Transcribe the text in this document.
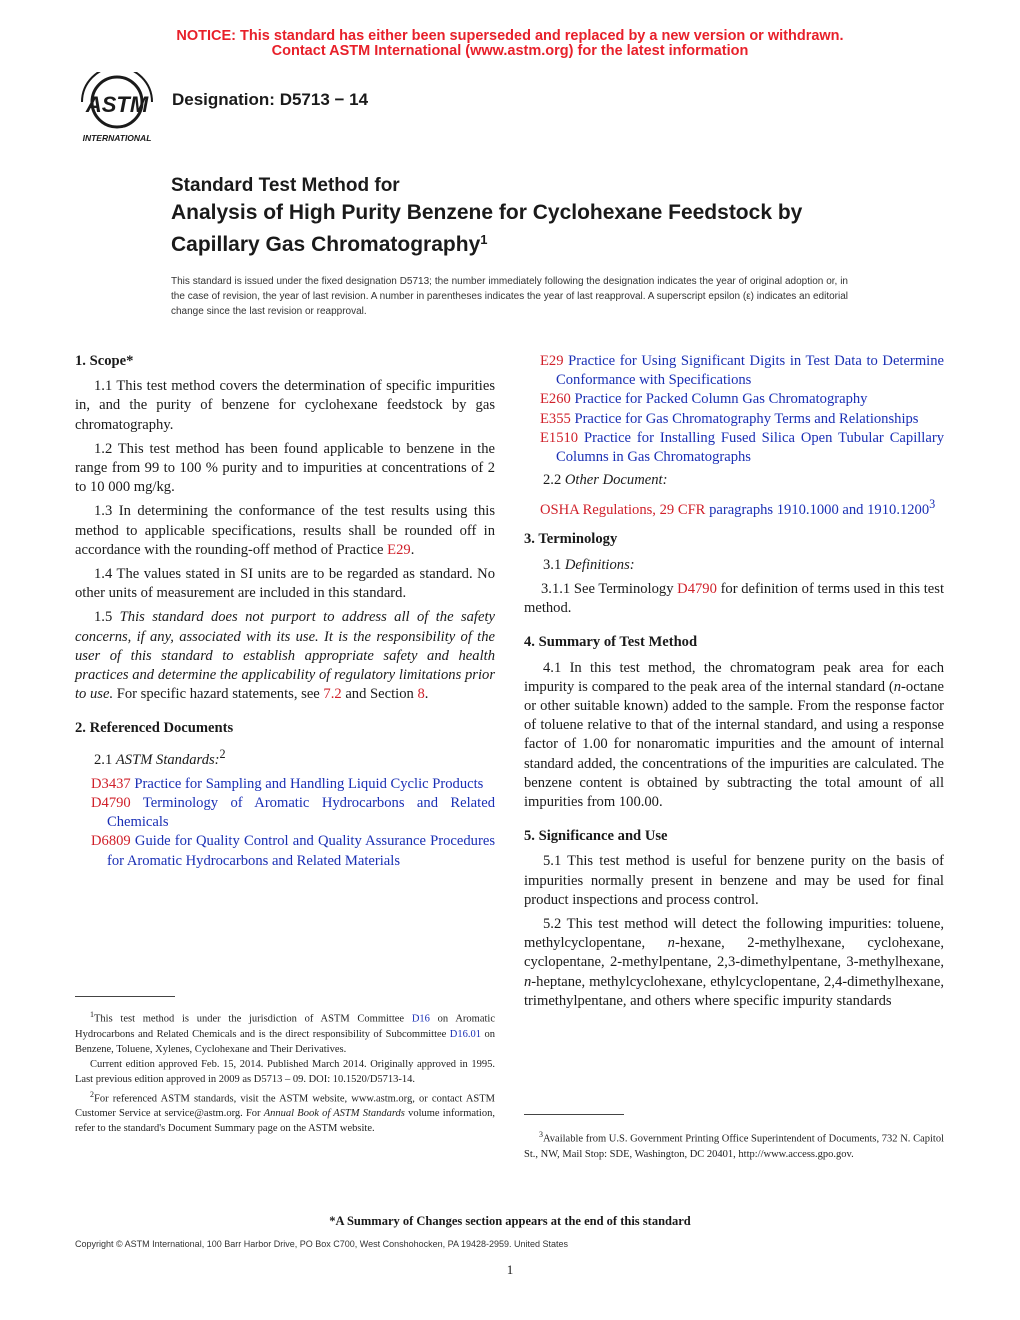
NOTICE: This standard has either been superseded and replaced by a new version or withdrawn.
Contact ASTM International (www.astm.org) for the latest information
ASTM
INTERNATIONAL
Designation: D5713 − 14
Standard Test Method for
Analysis of High Purity Benzene for Cyclohexane Feedstock by Capillary Gas Chromatography$^1$
This standard is issued under the fixed designation D5713; the number immediately following the designation indicates the year of original adoption or, in the case of revision, the year of last revision. A number in parentheses indicates the year of last reapproval. A superscript epsilon (ε) indicates an editorial change since the last revision or reapproval.
1. Scope*

1.1 This test method covers the determination of specific impurities in, and the purity of benzene for cyclohexane feedstock by gas chromatography.

1.2 This test method has been found applicable to benzene in the range from 99 to 100 % purity and to impurities at concentrations of 2 to 10 000 mg/kg.

1.3 In determining the conformance of the test results using this method to applicable specifications, results shall be rounded off in accordance with the rounding-off method of Practice E29.

1.4 The values stated in SI units are to be regarded as standard. No other units of measurement are included in this standard.

1.5 This standard does not purport to address all of the safety concerns, if any, associated with its use. It is the responsibility of the user of this standard to establish appropriate safety and health practices and determine the applicability of regulatory limitations prior to use. For specific hazard statements, see 7.2 and Section 8.

2. Referenced Documents

2.1 ASTM Standards:$^2$

D3437 Practice for Sampling and Handling Liquid Cyclic Products

D4790 Terminology of Aromatic Hydrocarbons and Related Chemicals

D6809 Guide for Quality Control and Quality Assurance Procedures for Aromatic Hydrocarbons and Related Materials

E29 Practice for Using Significant Digits in Test Data to Determine Conformance with Specifications

E260 Practice for Packed Column Gas Chromatography

E355 Practice for Gas Chromatography Terms and Relationships

E1510 Practice for Installing Fused Silica Open Tubular Capillary Columns in Gas Chromatographs

2.2 Other Document:

OSHA Regulations, 29 CFR paragraphs 1910.1000 and 1910.1200$^3$

3. Terminology

3.1 Definitions:

3.1.1 See Terminology D4790 for definition of terms used in this test method.

4. Summary of Test Method

4.1 In this test method, the chromatogram peak area for each impurity is compared to the peak area of the internal standard (n-octane or other suitable known) added to the sample. From the response factor of toluene relative to that of the internal standard, and using a response factor of 1.00 for nonaromatic impurities and the amount of internal standard added, the concentrations of the impurities are calculated. The benzene content is obtained by subtracting the total amount of all impurities from 100.00.

5. Significance and Use

5.1 This test method is useful for benzene purity on the basis of impurities normally present in benzene and may be used for final product inspections and process control.

5.2 This test method will detect the following impurities: toluene, methylcyclopentane, n-hexane, 2-methylhexane, cyclohexane, cyclopentane, 2-methylpentane, 2,3-dimethylpentane, 3-methylhexane, n-heptane, methylcyclohexane, ethylcyclopentane, 2,4-dimethylhexane, trimethylpentane, and others where specific impurity standards

$^1$This test method is under the jurisdiction of ASTM Committee D16 on Aromatic Hydrocarbons and Related Chemicals and is the direct responsibility of Subcommittee D16.01 on Benzene, Toluene, Xylenes, Cyclohexane and Their Derivatives.

Current edition approved Feb. 15, 2014. Published March 2014. Originally approved in 1995. Last previous edition approved in 2009 as D5713 – 09. DOI: 10.1520/D5713-14.

$^2$For referenced ASTM standards, visit the ASTM website, www.astm.org, or contact ASTM Customer Service at service@astm.org. For Annual Book of ASTM Standards volume information, refer to the standard's Document Summary page on the ASTM website.

$^3$Available from U.S. Government Printing Office Superintendent of Documents, 732 N. Capitol St., NW, Mail Stop: SDE, Washington, DC 20401, http://www.access.gpo.gov.

*A Summary of Changes section appears at the end of this standard
Copyright © ASTM International, 100 Barr Harbor Drive, PO Box C700, West Conshohocken, PA 19428-2959. United States
1
